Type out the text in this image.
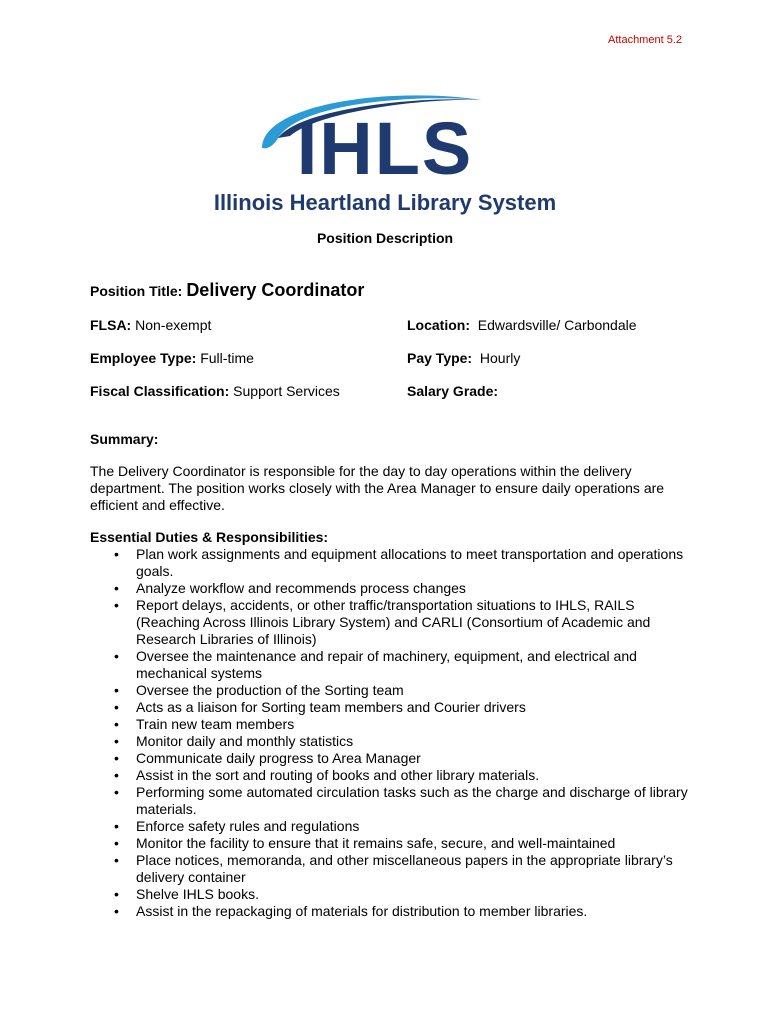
Attachment 5.2
IHLS
Illinois Heartland Library System
Position Description
Position Title: Delivery Coordinator
FLSA: Non-exempt	Location:  Edwardsville/ Carbondale
Employee Type: Full-time	Pay Type:  Hourly
Fiscal Classification: Support Services	Salary Grade:
Summary:
The Delivery Coordinator is responsible for the day to day operations within the delivery department. The position works closely with the Area Manager to ensure daily operations are efficient and effective.
Essential Duties & Responsibilities:
• Plan work assignments and equipment allocations to meet transportation and operations goals.
• Analyze workflow and recommends process changes
• Report delays, accidents, or other traffic/transportation situations to IHLS, RAILS (Reaching Across Illinois Library System) and CARLI (Consortium of Academic and Research Libraries of Illinois)
• Oversee the maintenance and repair of machinery, equipment, and electrical and mechanical systems
• Oversee the production of the Sorting team
• Acts as a liaison for Sorting team members and Courier drivers
• Train new team members
• Monitor daily and monthly statistics
• Communicate daily progress to Area Manager
• Assist in the sort and routing of books and other library materials.
• Performing some automated circulation tasks such as the charge and discharge of library materials.
• Enforce safety rules and regulations
• Monitor the facility to ensure that it remains safe, secure, and well-maintained
• Place notices, memoranda, and other miscellaneous papers in the appropriate library’s delivery container
• Shelve IHLS books.
• Assist in the repackaging of materials for distribution to member libraries.
